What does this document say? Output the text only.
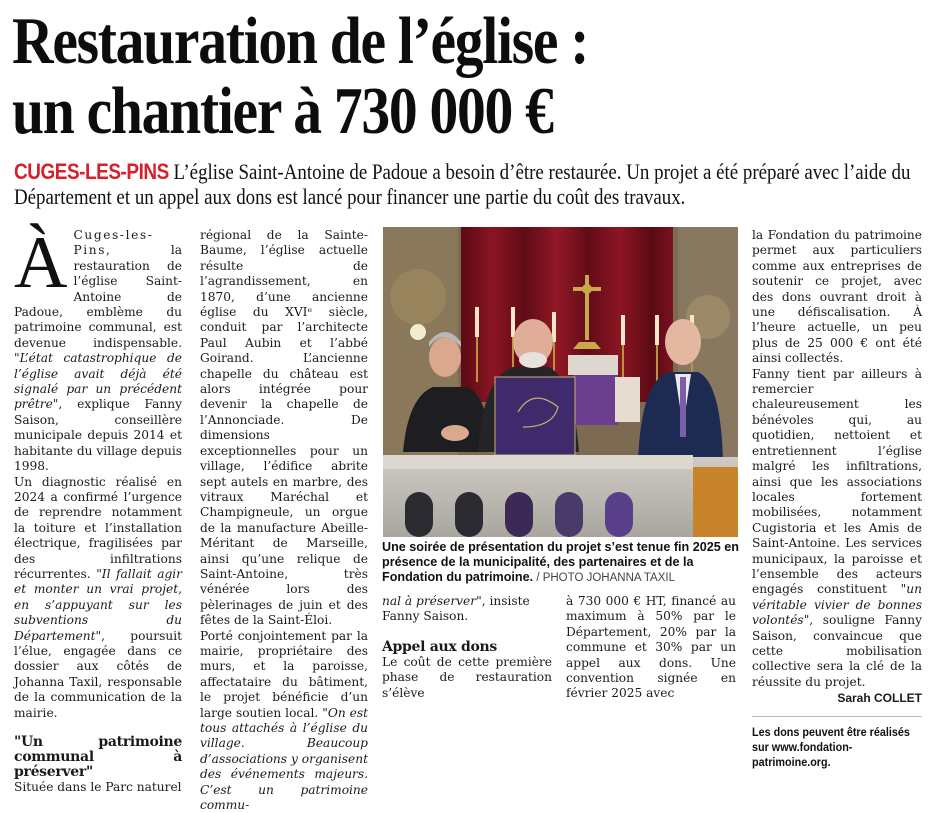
Restauration de l’église :
un chantier à 730 000 €
CUGES-LES-PINS L’église Saint-Antoine de Padoue a besoin d’être restaurée. Un projet a été préparé avec l’aide du Département et un appel aux dons est lancé pour financer une partie du coût des travaux.

À Cuges-les-Pins, la restauration de l’église Saint-Antoine de Padoue, emblème du patrimoine communal, est devenue indispensable. "L’état catastrophique de l’église avait déjà été signalé par un précédent prêtre", explique Fanny Saison, conseillère municipale depuis 2014 et habitante du village depuis 1998.

Un diagnostic réalisé en 2024 a confirmé l’urgence de reprendre notamment la toiture et l’installation électrique, fragilisées par des infiltrations récurrentes. "Il fallait agir et monter un vrai projet, en s’appuyant sur les subventions du Département", poursuit l’élue, engagée dans ce dossier aux côtés de Johanna Taxil, responsable de la communication de la mairie.

"Un patrimoine communal à préserver"

Située dans le Parc naturel

régional de la Sainte-Baume, l’église actuelle résulte de l’agrandissement, en 1870, d’une ancienne église du XVIᵉ siècle, conduit par l’architecte Paul Aubin et l’abbé Goirand. L’ancienne chapelle du château est alors intégrée pour devenir la chapelle de l’Annonciade. De dimensions exceptionnelles pour un village, l’édifice abrite sept autels en marbre, des vitraux Maréchal et Champigneule, un orgue de la manufacture Abeille-Méritant de Marseille, ainsi qu’une relique de Saint-Antoine, très vénérée lors des pèlerinages de juin et des fêtes de la Saint-Éloi.

Porté conjointement par la mairie, propriétaire des murs, et la paroisse, affectataire du bâtiment, le projet bénéficie d’un large soutien local. "On est tous attachés à l’église du village. Beaucoup d’associations y organisent des événements majeurs. C’est un patrimoine commu-

Une soirée de présentation du projet s’est tenue fin 2025 en présence de la municipalité, des partenaires et de la Fondation du patrimoine. / PHOTO JOHANNA TAXIL

nal à préserver", insiste Fanny Saison.

Appel aux dons

Le coût de cette première phase de restauration s’élève

à 730 000 € HT, financé au maximum à 50% par le Département, 20% par la commune et 30% par un appel aux dons. Une convention signée en février 2025 avec

la Fondation du patrimoine permet aux particuliers comme aux entreprises de soutenir ce projet, avec des dons ouvrant droit à une défiscalisation. À l’heure actuelle, un peu plus de 25 000 € ont été ainsi collectés.

Fanny tient par ailleurs à remercier chaleureusement les bénévoles qui, au quotidien, nettoient et entretiennent l’église malgré les infiltrations, ainsi que les associations locales fortement mobilisées, notamment Cugistoria et les Amis de Saint-Antoine. Les services municipaux, la paroisse et l’ensemble des acteurs engagés constituent "un véritable vivier de bonnes volontés", souligne Fanny Saison, convaincue que cette mobilisation collective sera la clé de la réussite du projet.

Sarah COLLET
Les dons peuvent être réalisés sur www.fondation-patrimoine.org.
